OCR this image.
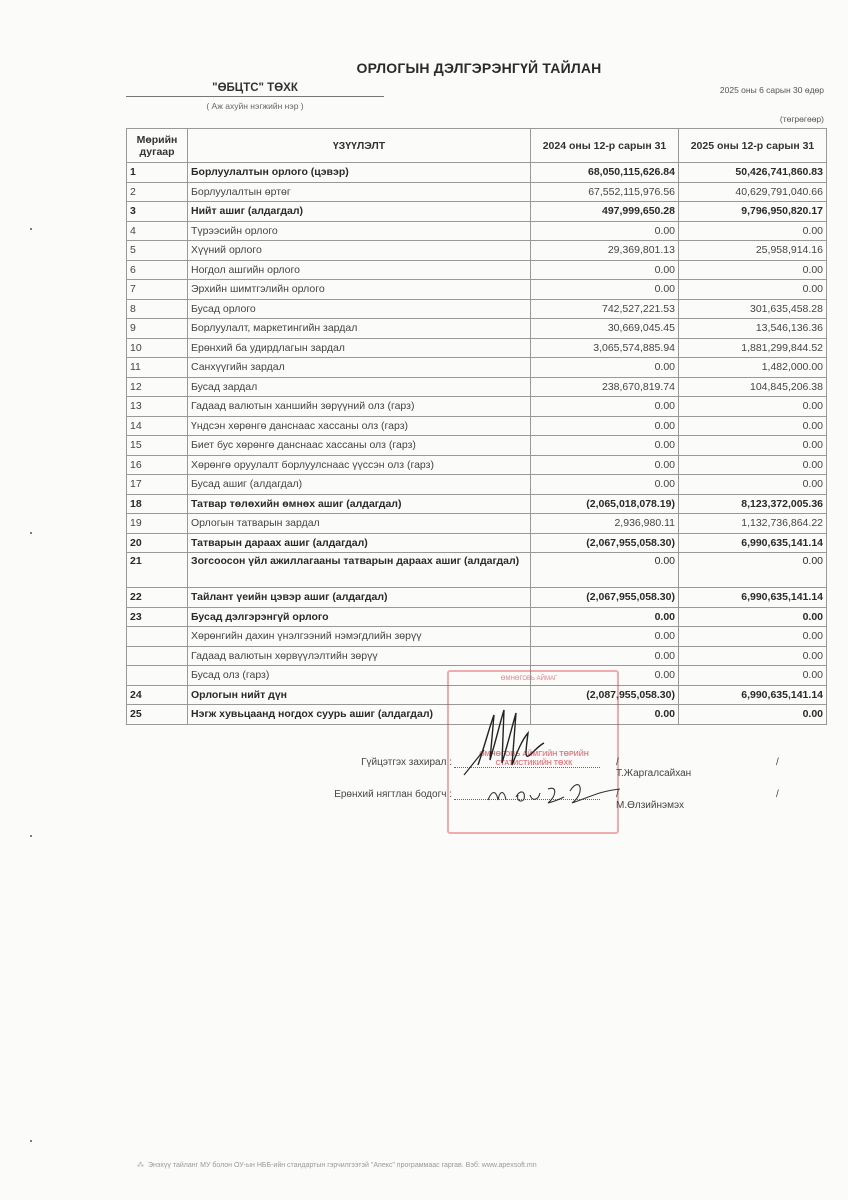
ОРЛОГЫН ДЭЛГЭРЭНГҮЙ ТАЙЛАН
"ӨБЦТС" ТӨХК
( Аж ахуйн нэгжийн нэр )
2025 оны 6 сарын 30 өдөр
(төгрөгөөр)
Мөрийн дугаар	ҮЗҮҮЛЭЛТ	2024 оны 12-р сарын 31	2025 оны 12-р сарын 31
1	Борлуулалтын орлого (цэвэр)	68,050,115,626.84	50,426,741,860.83
2	Борлуулалтын өртөг	67,552,115,976.56	40,629,791,040.66
3	Нийт ашиг (алдагдал)	497,999,650.28	9,796,950,820.17
4	Түрээсийн орлого	0.00	0.00
5	Хүүний орлого	29,369,801.13	25,958,914.16
6	Ногдол ашгийн орлого	0.00	0.00
7	Эрхийн шимтгэлийн орлого	0.00	0.00
8	Бусад орлого	742,527,221.53	301,635,458.28
9	Борлуулалт, маркетингийн зардал	30,669,045.45	13,546,136.36
10	Ерөнхий ба удирдлагын зардал	3,065,574,885.94	1,881,299,844.52
11	Санхүүгийн зардал	0.00	1,482,000.00
12	Бусад зардал	238,670,819.74	104,845,206.38
13	Гадаад валютын ханшийн зөрүүний олз (гарз)	0.00	0.00
14	Үндсэн хөрөнгө данснаас хассаны олз (гарз)	0.00	0.00
15	Биет бус хөрөнгө данснаас хассаны олз (гарз)	0.00	0.00
16	Хөрөнгө оруулалт борлуулснаас үүссэн олз (гарз)	0.00	0.00
17	Бусад ашиг (алдагдал)	0.00	0.00
18	Татвар төлөхийн өмнөх ашиг (алдагдал)	(2,065,018,078.19)	8,123,372,005.36
19	Орлогын татварын зардал	2,936,980.11	1,132,736,864.22
20	Татварын дараах ашиг (алдагдал)	(2,067,955,058.30)	6,990,635,141.14
21	Зогсоосон үйл ажиллагааны татварын дараах ашиг (алдагдал)	0.00	0.00
22	Тайлант үеийн цэвэр ашиг (алдагдал)	(2,067,955,058.30)	6,990,635,141.14
23	Бусад дэлгэрэнгүй орлого	0.00	0.00
	Хөрөнгийн дахин үнэлгээний нэмэгдлийн зөрүү	0.00	0.00
	Гадаад валютын хөрвүүлэлтийн зөрүү	0.00	0.00
	Бусад олз (гарз)	0.00	0.00
24	Орлогын нийт дүн	(2,087,955,058.30)	6,990,635,141.14
25	Нэгж хувьцаанд ногдох суурь ашиг (алдагдал)	0.00	0.00
ӨМНӨГОВЬ АЙМАГ
ӨМНӨГОВЬ АЙМГИЙН ТӨРИЙН СТАТИСТИКИЙН ТӨХК
Гүйцэтгэх захирал :	/ Т.Жаргалсайхан
/
Ерөнхий нягтлан бодогч :	/ М.Өлзийнэмэх
/
⁂ Энэхүү тайланг МУ болон ОУ-ын НББ-ийн стандартын гэрчилгээтэй "Апекс" программаас гаргав. Вэб: www.apexsoft.mn
